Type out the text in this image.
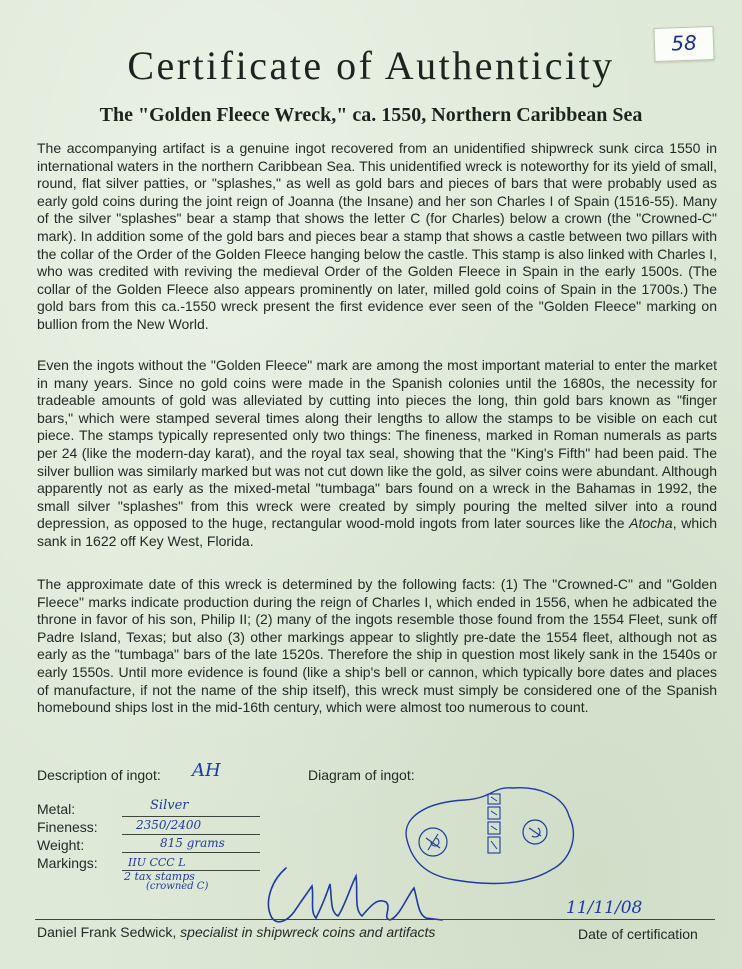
58
Certificate of Authenticity
The "Golden Fleece Wreck," ca. 1550, Northern Caribbean Sea

The accompanying artifact is a genuine ingot recovered from an unidentified shipwreck sunk circa 1550 in international waters in the northern Caribbean Sea. This unidentified wreck is noteworthy for its yield of small, round, flat silver patties, or "splashes," as well as gold bars and pieces of bars that were probably used as early gold coins during the joint reign of Joanna (the Insane) and her son Charles I of Spain (1516-55). Many of the silver "splashes" bear a stamp that shows the letter C (for Charles) below a crown (the "Crowned-C" mark). In addition some of the gold bars and pieces bear a stamp that shows a castle between two pillars with the collar of the Order of the Golden Fleece hanging below the castle. This stamp is also linked with Charles I, who was credited with reviving the medieval Order of the Golden Fleece in Spain in the early 1500s. (The collar of the Golden Fleece also appears prominently on later, milled gold coins of Spain in the 1700s.) The gold bars from this ca.-1550 wreck present the first evidence ever seen of the "Golden Fleece" marking on bullion from the New World.

Even the ingots without the "Golden Fleece" mark are among the most important material to enter the market in many years. Since no gold coins were made in the Spanish colonies until the 1680s, the necessity for tradeable amounts of gold was alleviated by cutting into pieces the long, thin gold bars known as "finger bars," which were stamped several times along their lengths to allow the stamps to be visible on each cut piece. The stamps typically represented only two things: The fineness, marked in Roman numerals as parts per 24 (like the modern-day karat), and the royal tax seal, showing that the "King's Fifth" had been paid. The silver bullion was similarly marked but was not cut down like the gold, as silver coins were abundant. Although apparently not as early as the mixed-metal "tumbaga" bars found on a wreck in the Bahamas in 1992, the small silver "splashes" from this wreck were created by simply pouring the melted silver into a round depression, as opposed to the huge, rectangular wood-mold ingots from later sources like the Atocha, which sank in 1622 off Key West, Florida.

The approximate date of this wreck is determined by the following facts: (1) The "Crowned-C" and "Golden Fleece" marks indicate production during the reign of Charles I, which ended in 1556, when he adbicated the throne in favor of his son, Philip II; (2) many of the ingots resemble those found from the 1554 Fleet, sunk off Padre Island, Texas; but also (3) other markings appear to slightly pre-date the 1554 fleet, although not as early as the "tumbaga" bars of the late 1520s. Therefore the ship in question most likely sank in the 1540s or early 1550s. Until more evidence is found (like a ship's bell or cannon, which typically bore dates and places of manufacture, if not the name of the ship itself), this wreck must simply be considered one of the Spanish homebound ships lost in the mid-16th century, which were almost too numerous to count.

Description of ingot: AH	Diagram of ingot:
Metal:	Silver
Fineness:	2350/2400
Weight:	815 grams
Markings:	IIU CCC L
2 tax stamps
(crowned C)
11/11/08
Daniel Frank Sedwick, specialist in shipwreck coins and artifacts	Date of certification
